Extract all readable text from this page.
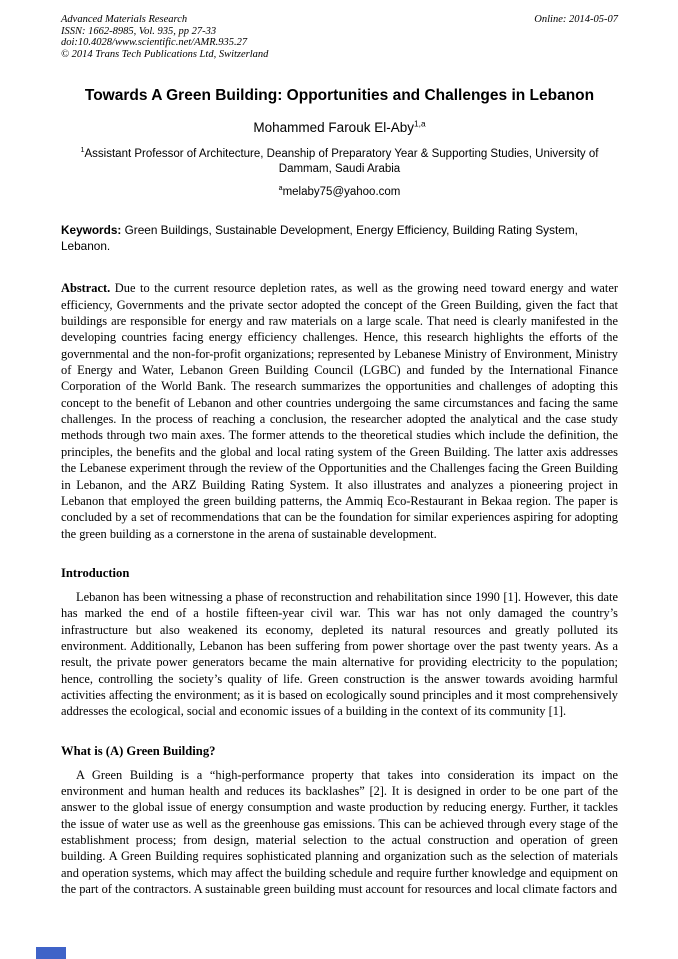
Advanced Materials Research
ISSN: 1662-8985, Vol. 935, pp 27-33
doi:10.4028/www.scientific.net/AMR.935.27
© 2014 Trans Tech Publications Ltd, Switzerland
Online: 2014-05-07
Towards A Green Building: Opportunities and Challenges in Lebanon
Mohammed Farouk El-Aby$^{1,a}$
$^1$Assistant Professor of Architecture, Deanship of Preparatory Year & Supporting Studies, University of Dammam, Saudi Arabia
$^a$melaby75@yahoo.com
Keywords: Green Buildings, Sustainable Development, Energy Efficiency, Building Rating System, Lebanon.
Abstract. Due to the current resource depletion rates, as well as the growing need toward energy and water efficiency, Governments and the private sector adopted the concept of the Green Building, given the fact that buildings are responsible for energy and raw materials on a large scale. That need is clearly manifested in the developing countries facing energy efficiency challenges. Hence, this research highlights the efforts of the governmental and the non-for-profit organizations; represented by Lebanese Ministry of Environment, Ministry of Energy and Water, Lebanon Green Building Council (LGBC) and funded by the International Finance Corporation of the World Bank. The research summarizes the opportunities and challenges of adopting this concept to the benefit of Lebanon and other countries undergoing the same circumstances and facing the same challenges. In the process of reaching a conclusion, the researcher adopted the analytical and the case study methods through two main axes. The former attends to the theoretical studies which include the definition, the principles, the benefits and the global and local rating system of the Green Building. The latter axis addresses the Lebanese experiment through the review of the Opportunities and the Challenges facing the Green Building in Lebanon, and the ARZ Building Rating System. It also illustrates and analyzes a pioneering project in Lebanon that employed the green building patterns, the Ammiq Eco-Restaurant in Bekaa region. The paper is concluded by a set of recommendations that can be the foundation for similar experiences aspiring for adopting the green building as a cornerstone in the arena of sustainable development.
Introduction

Lebanon has been witnessing a phase of reconstruction and rehabilitation since 1990 [1]. However, this date has marked the end of a hostile fifteen-year civil war. This war has not only damaged the country’s infrastructure but also weakened its economy, depleted its natural resources and greatly polluted its environment. Additionally, Lebanon has been suffering from power shortage over the past twenty years. As a result, the private power generators became the main alternative for providing electricity to the population; hence, controlling the society’s quality of life. Green construction is the answer towards avoiding harmful activities affecting the environment; as it is based on ecologically sound principles and it most comprehensively addresses the ecological, social and economic issues of a building in the context of its community [1].

What is (A) Green Building?

A Green Building is a “high-performance property that takes into consideration its impact on the environment and human health and reduces its backlashes” [2]. It is designed in order to be one part of the answer to the global issue of energy consumption and waste production by reducing energy. Further, it tackles the issue of water use as well as the greenhouse gas emissions. This can be achieved through every stage of the establishment process; from design, material selection to the actual construction and operation of green building. A Green Building requires sophisticated planning and organization such as the selection of materials and operation systems, which may affect the building schedule and require further knowledge and equipment on the part of the contractors. A sustainable green building must account for resources and local climate factors and
